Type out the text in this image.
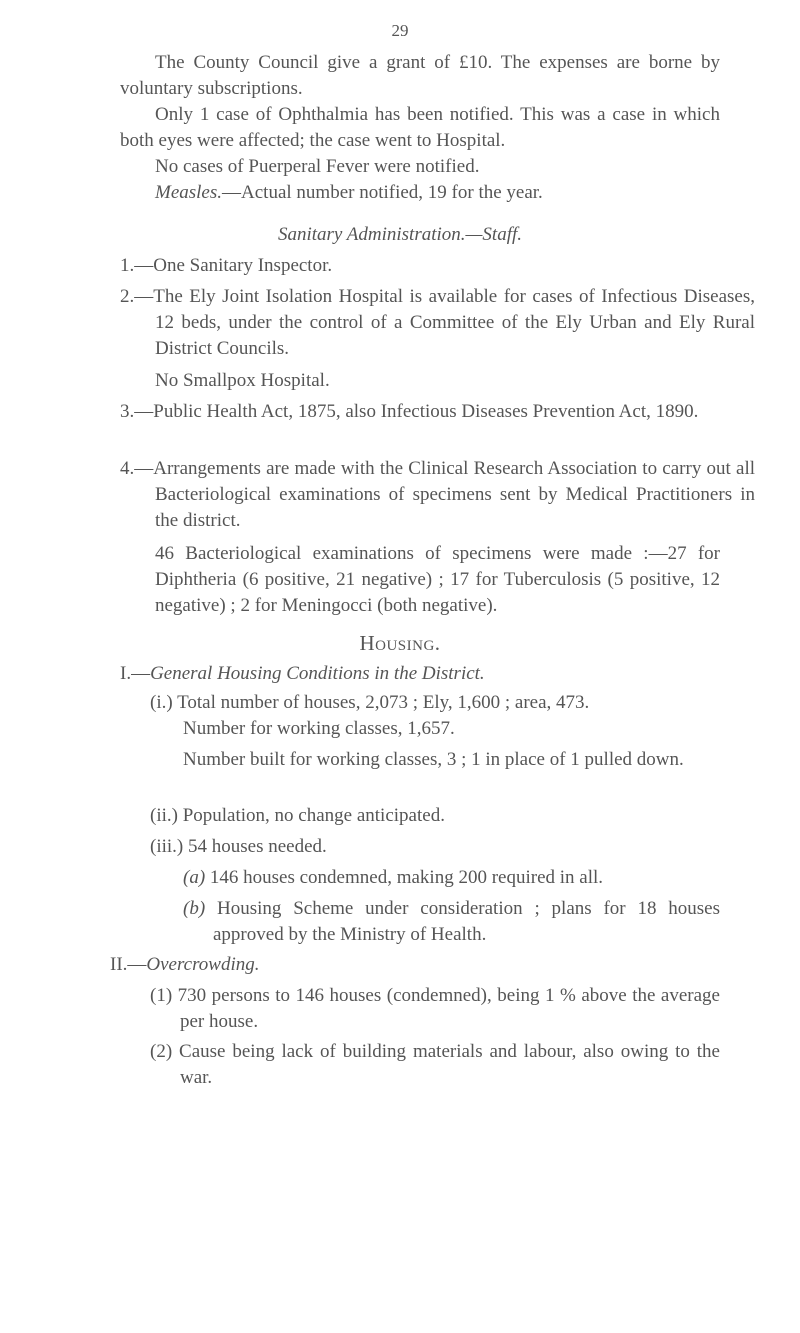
29

The County Council give a grant of £10. The expenses are borne by voluntary subscriptions.

Only 1 case of Ophthalmia has been notified. This was a case in which both eyes were affected; the case went to Hospital.

No cases of Puerperal Fever were notified.

Measles.—Actual number notified, 19 for the year.

Sanitary Administration.—Staff.

1.—One Sanitary Inspector.

2.—The Ely Joint Isolation Hospital is available for cases of Infectious Diseases, 12 beds, under the control of a Committee of the Ely Urban and Ely Rural District Councils.

No Smallpox Hospital.

3.—Public Health Act, 1875, also Infectious Diseases Prevention Act, 1890.

4.—Arrangements are made with the Clinical Research Association to carry out all Bacteriological examinations of specimens sent by Medical Practitioners in the district.

46 Bacteriological examinations of specimens were made :—27 for Diphtheria (6 positive, 21 negative) ; 17 for Tuberculosis (5 positive, 12 negative) ; 2 for Meningocci (both negative).

Housing.

I.—General Housing Conditions in the District.

(i.) Total number of houses, 2,073 ; Ely, 1,600 ; area, 473.

Number for working classes, 1,657.

Number built for working classes, 3 ; 1 in place of 1 pulled down.

(ii.) Population, no change anticipated.

(iii.) 54 houses needed.

(a) 146 houses condemned, making 200 required in all.

(b) Housing Scheme under consideration ; plans for 18 houses approved by the Ministry of Health.

II.—Overcrowding.

(1) 730 persons to 146 houses (condemned), being 1 % above the average per house.

(2) Cause being lack of building materials and labour, also owing to the war.
